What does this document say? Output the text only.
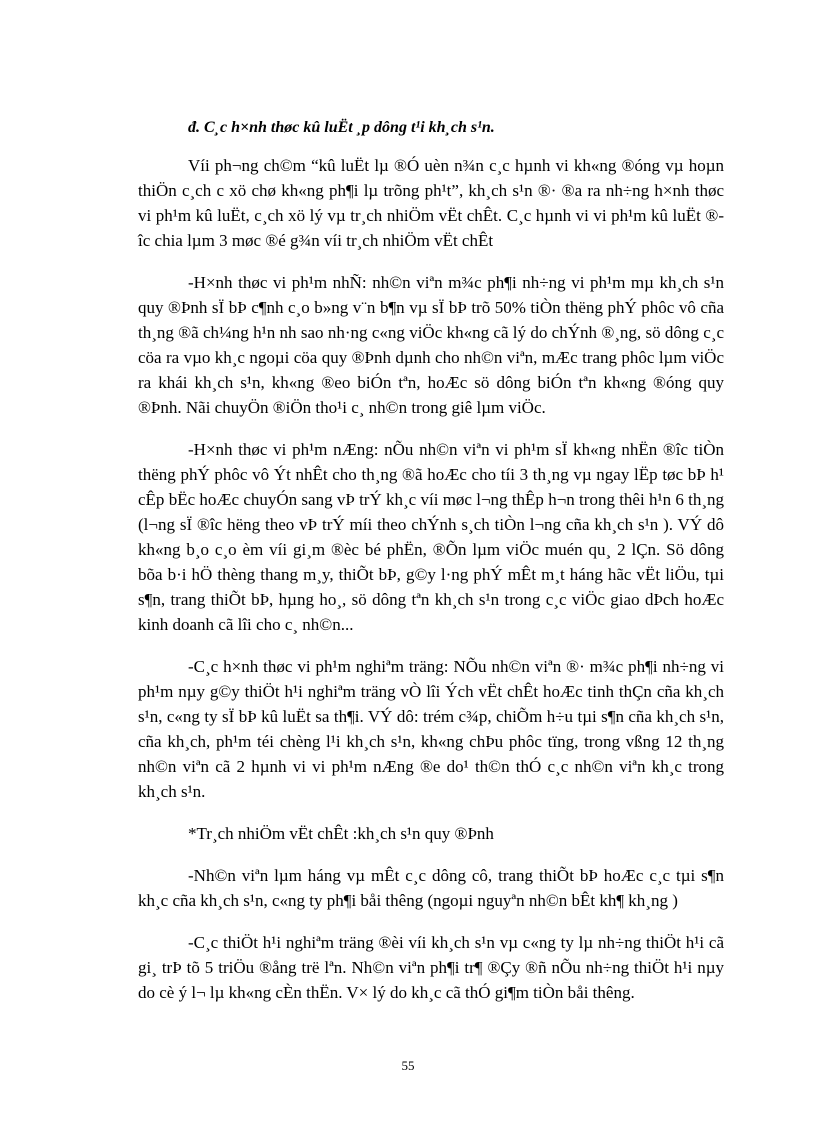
đ. C¸c h×nh thøc kû luËt ¸p dông t¹i kh¸ch s¹n.

Víi ph¬ng ch©m “kû luËt lµ ®Ó uèn n¾n c¸c hµnh vi kh«ng ®óng vµ hoµn thiÖn c¸ch c xö chø kh«ng ph¶i lµ trõng ph¹t”, kh¸ch s¹n ®· ®a ra nh÷ng h×nh thøc vi ph¹m kû luËt, c¸ch xö lý vµ tr¸ch nhiÖm vËt chÊt. C¸c hµnh vi vi ph¹m kû luËt ®îc chia lµm 3 møc ®é g¾n víi tr¸ch nhiÖm vËt chÊt

-H×nh thøc vi ph¹m nhÑ: nh©n viªn m¾c ph¶i nh÷ng vi ph¹m mµ kh¸ch s¹n quy ®Þnh sÏ bÞ c¶nh c¸o b»ng v¨n b¶n vµ sÏ bÞ trõ 50% tiÒn thëng phÝ phôc vô cña th¸ng ®ã ch¼ng h¹n nh sao nh·ng c«ng viÖc kh«ng cã lý do chÝnh ®¸ng, sö dông c¸c cöa ra vµo kh¸c ngoµi cöa quy ®Þnh dµnh cho nh©n viªn, mÆc trang phôc lµm viÖc ra khái kh¸ch s¹n, kh«ng ®eo biÓn tªn, hoÆc sö dông biÓn tªn kh«ng ®óng quy ®Þnh. Nãi chuyÖn ®iÖn tho¹i c¸ nh©n trong giê lµm viÖc.

-H×nh thøc vi ph¹m nÆng: nÕu nh©n viªn vi ph¹m sÏ kh«ng nhËn ®îc tiÒn thëng phÝ phôc vô Ýt nhÊt cho th¸ng ®ã hoÆc cho tíi 3 th¸ng vµ ngay lËp tøc bÞ h¹ cÊp bËc hoÆc chuyÓn sang vÞ trÝ kh¸c víi møc l¬ng thÊp h¬n trong thêi h¹n 6 th¸ng (l¬ng sÏ ®îc hëng theo vÞ trÝ míi theo chÝnh s¸ch tiÒn l¬ng cña kh¸ch s¹n ). VÝ dô kh«ng b¸o c¸o èm víi gi¸m ®èc bé phËn, ®Õn lµm viÖc muén qu¸ 2 lÇn. Sö dông bõa b·i hÖ thèng thang m¸y, thiÕt bÞ, g©y l·ng phÝ mÊt m¸t háng hãc vËt liÖu, tµi s¶n, trang thiÕt bÞ, hµng ho¸, sö dông tªn kh¸ch s¹n trong c¸c viÖc giao dÞch hoÆc kinh doanh cã lîi cho c¸ nh©n...

-C¸c h×nh thøc vi ph¹m nghiªm träng: NÕu nh©n viªn ®· m¾c ph¶i nh÷ng vi ph¹m nµy g©y thiÖt h¹i nghiªm träng vÒ lîi Ých vËt chÊt hoÆc tinh thÇn cña kh¸ch s¹n, c«ng ty sÏ bÞ kû luËt sa th¶i. VÝ dô: trém c¾p, chiÕm h÷u tµi s¶n cña kh¸ch s¹n, cña kh¸ch, ph¹m téi chèng l¹i kh¸ch s¹n, kh«ng chÞu phôc tïng, trong vßng 12 th¸ng nh©n viªn cã 2 hµnh vi vi ph¹m nÆng ®e do¹ th©n thÓ c¸c nh©n viªn kh¸c trong kh¸ch s¹n.

*Tr¸ch nhiÖm vËt chÊt :kh¸ch s¹n quy ®Þnh

-Nh©n viªn lµm háng vµ mÊt c¸c dông cô, trang thiÕt bÞ hoÆc c¸c tµi s¶n kh¸c cña kh¸ch s¹n, c«ng ty ph¶i båi thêng (ngoµi nguyªn nh©n bÊt kh¶ kh¸ng )

-C¸c thiÖt h¹i nghiªm träng ®èi víi kh¸ch s¹n vµ c«ng ty lµ nh÷ng thiÖt h¹i cã gi¸ trÞ tõ 5 triÖu ®ång trë lªn. Nh©n viªn ph¶i tr¶ ®Çy ®ñ nÕu nh÷ng thiÖt h¹i nµy do cè ý l¬ lµ kh«ng cÈn thËn. V× lý do kh¸c cã thÓ gi¶m tiÒn båi thêng.

55
